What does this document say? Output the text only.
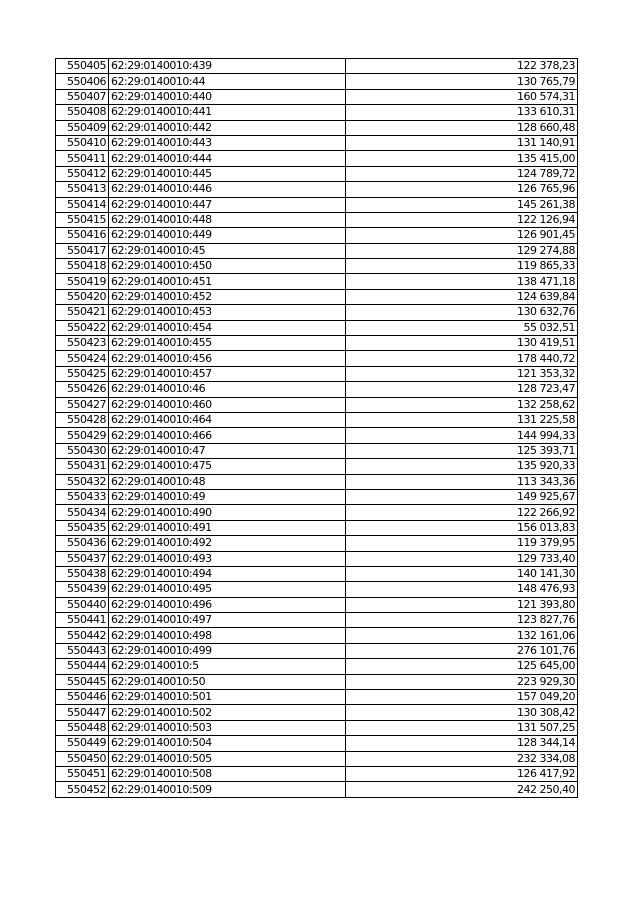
550405	62:29:0140010:439	122 378,23
550406	62:29:0140010:44	130 765,79
550407	62:29:0140010:440	160 574,31
550408	62:29:0140010:441	133 610,31
550409	62:29:0140010:442	128 660,48
550410	62:29:0140010:443	131 140,91
550411	62:29:0140010:444	135 415,00
550412	62:29:0140010:445	124 789,72
550413	62:29:0140010:446	126 765,96
550414	62:29:0140010:447	145 261,38
550415	62:29:0140010:448	122 126,94
550416	62:29:0140010:449	126 901,45
550417	62:29:0140010:45	129 274,88
550418	62:29:0140010:450	119 865,33
550419	62:29:0140010:451	138 471,18
550420	62:29:0140010:452	124 639,84
550421	62:29:0140010:453	130 632,76
550422	62:29:0140010:454	55 032,51
550423	62:29:0140010:455	130 419,51
550424	62:29:0140010:456	178 440,72
550425	62:29:0140010:457	121 353,32
550426	62:29:0140010:46	128 723,47
550427	62:29:0140010:460	132 258,62
550428	62:29:0140010:464	131 225,58
550429	62:29:0140010:466	144 994,33
550430	62:29:0140010:47	125 393,71
550431	62:29:0140010:475	135 920,33
550432	62:29:0140010:48	113 343,36
550433	62:29:0140010:49	149 925,67
550434	62:29:0140010:490	122 266,92
550435	62:29:0140010:491	156 013,83
550436	62:29:0140010:492	119 379,95
550437	62:29:0140010:493	129 733,40
550438	62:29:0140010:494	140 141,30
550439	62:29:0140010:495	148 476,93
550440	62:29:0140010:496	121 393,80
550441	62:29:0140010:497	123 827,76
550442	62:29:0140010:498	132 161,06
550443	62:29:0140010:499	276 101,76
550444	62:29:0140010:5	125 645,00
550445	62:29:0140010:50	223 929,30
550446	62:29:0140010:501	157 049,20
550447	62:29:0140010:502	130 308,42
550448	62:29:0140010:503	131 507,25
550449	62:29:0140010:504	128 344,14
550450	62:29:0140010:505	232 334,08
550451	62:29:0140010:508	126 417,92
550452	62:29:0140010:509	242 250,40
